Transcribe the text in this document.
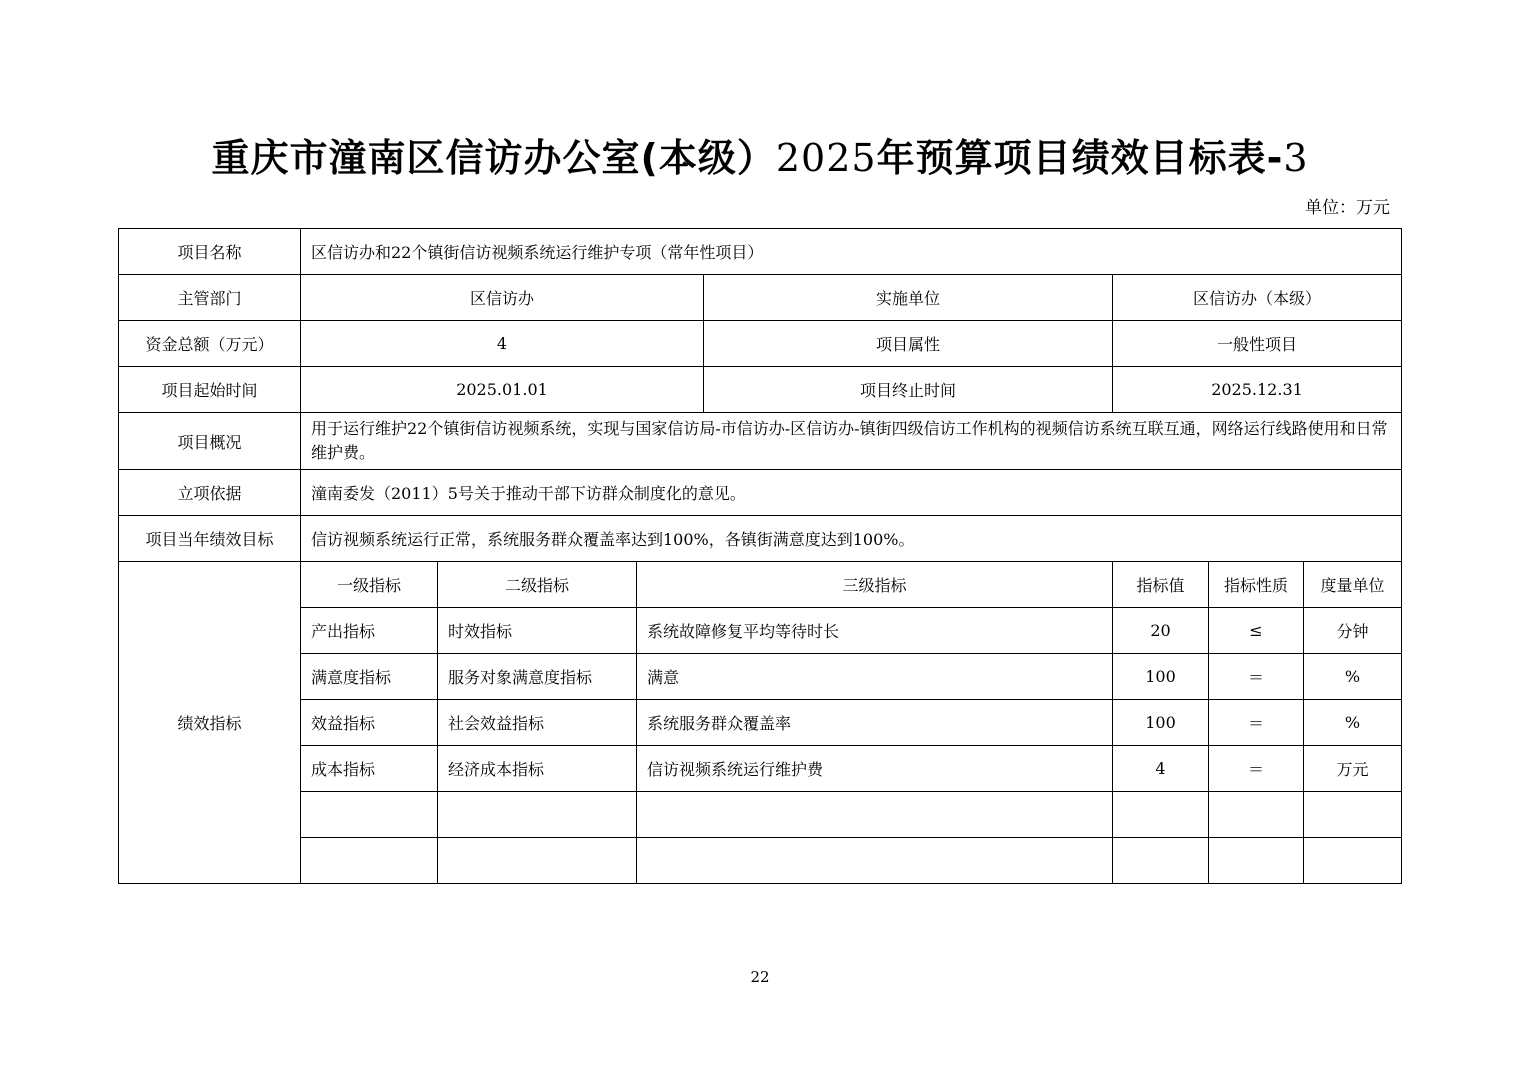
重庆市潼南区信访办公室(本级）2025年预算项目绩效目标表-3
单位：万元
项目名称	区信访办和22个镇街信访视频系统运行维护专项（常年性项目）						
主管部门	区信访办			实施单位	区信访办（本级）		
资金总额（万元）	4			项目属性	一般性项目		
项目起始时间	2025.01.01			项目终止时间	2025.12.31		
项目概况	用于运行维护22个镇街信访视频系统，实现与国家信访局-市信访办-区信访办-镇街四级信访工作机构的视频信访系统互联互通，网络运行线路使用和日常维护费。						
立项依据	潼南委发（2011）5号关于推动干部下访群众制度化的意见。						
项目当年绩效目标	信访视频系统运行正常，系统服务群众覆盖率达到100%，各镇街满意度达到100%。						
绩效指标	一级指标	二级指标	三级指标		指标值	指标性质	度量单位
	产出指标	时效指标	系统故障修复平均等待时长		20	≤	分钟
	满意度指标	服务对象满意度指标	满意		100	＝	%
	效益指标	社会效益指标	系统服务群众覆盖率		100	＝	%
	成本指标	经济成本指标	信访视频系统运行维护费		4	＝	万元

22
